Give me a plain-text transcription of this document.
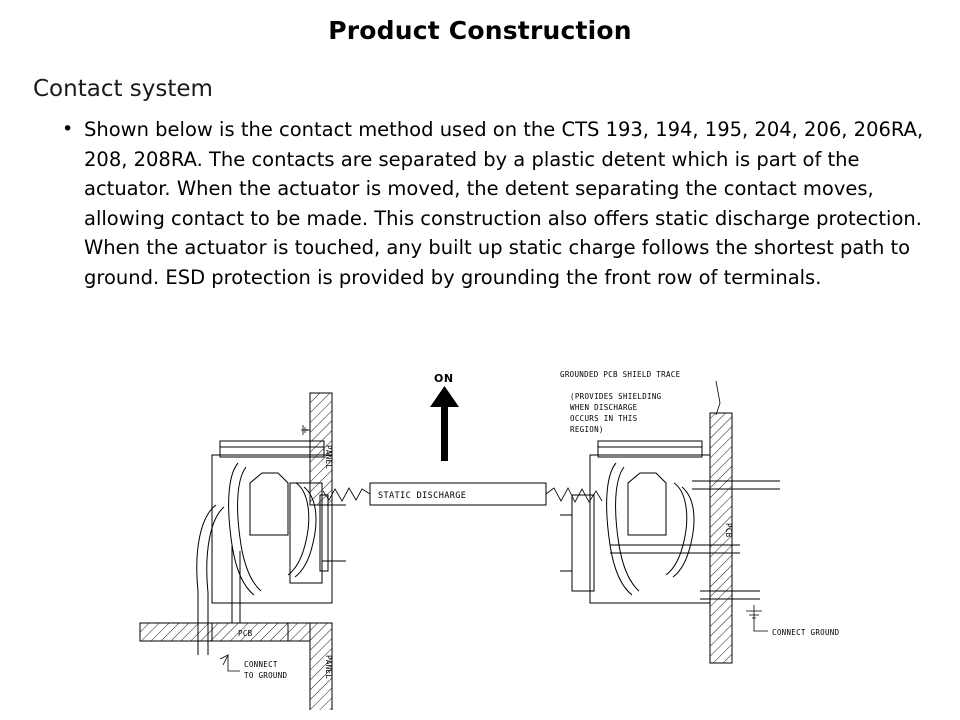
Product Construction
Contact system
• Shown below is the contact method used on the CTS 193, 194, 195, 204, 206, 206RA, 208, 208RA. The contacts are separated by a plastic detent which is part of the actuator. When the actuator is moved, the detent separating the contact moves, allowing contact to be made. This construction also offers static discharge protection. When the actuator is touched, any built up static charge follows the shortest path to ground. ESD protection is provided by grounding the front row of terminals.
ON
PANEL
PANEL
PCB
CONNECT
TO GROUND
STATIC DISCHARGE
PCB
CONNECT GROUND
GROUNDED PCB SHIELD TRACE
(PROVIDES SHIELDING
WHEN DISCHARGE
OCCURS IN THIS
REGION)
